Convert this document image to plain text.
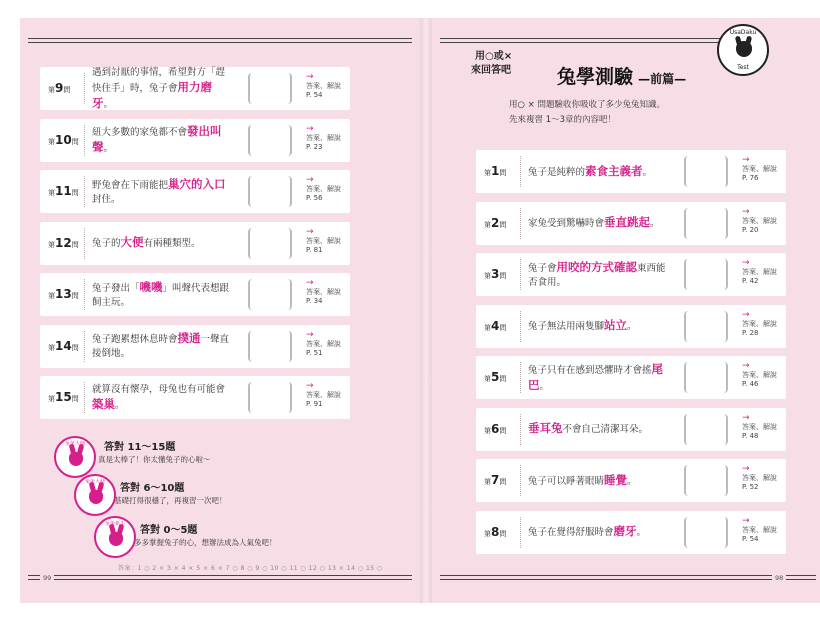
99	98
用○或×
來回答吧	兔學測驗 —前篇—
用○ × 問題驗收你吸收了多少兔兔知識。
先來複習 1〜3章的內容吧！
UsaDaku
Test
第9問
遇到討厭的事情，希望對方「趕快住手」時，兔子會用力磨牙。
→
答案、解說
P. 54
第10問
紐大多數的家兔都不會發出叫聲。
→
答案、解說
P. 23
第11問
野兔會在下雨能把巢穴的入口封住。
→
答案、解說
P. 56
第12問 兔子的大便有兩種類型。
→
答案、解說
P. 81
第13問
兔子發出「嘰嘰」叫聲代表想跟飼主玩。
→
答案、解說
P. 34
第14問
兔子跑累想休息時會撲通一聲直接倒地。
→
答案、解說
P. 51
第15問
就算沒有懷孕，母兔也有可能會築巢。
→
答案、解說
P. 91
第1問 兔子是純粹的素食主義者。
→
答案、解說
P. 76
第2問 家兔受到驚嚇時會垂直跳起。
→
答案、解說
P. 20
第3問
兔子會用咬的方式確認東西能否食用。
→
答案、解說
P. 42
第4問 兔子無法用兩隻腳站立。
→
答案、解說
P. 28
第5問
兔子只有在感到恐懼時才會搖尾巴。
→
答案、解說
P. 46
第6問 垂耳兔不會自己清潔耳朵。
→
答案、解說
P. 48
第7問 兔子可以睜著眼睛睡覺。
→
答案、解說
P. 52
第8問 兔子在覺得舒服時會磨牙。
→
答案、解說
P. 54
兔兔大師	答對 11〜15題
真是太棒了！你太懂兔子的心啦〜
兔兔大使
答對 6〜10題
基礎打得很穩了，再複習一次吧！
兔兔新手
答對 0〜5題
多多掌握兔子的心，想辦法成為人氣兔吧！
答案：1 ○ 2 × 3 × 4 × 5 × 6 × 7 ○ 8 ○ 9 ○ 10 ○ 11 ○ 12 ○ 13 × 14 ○ 15 ○
